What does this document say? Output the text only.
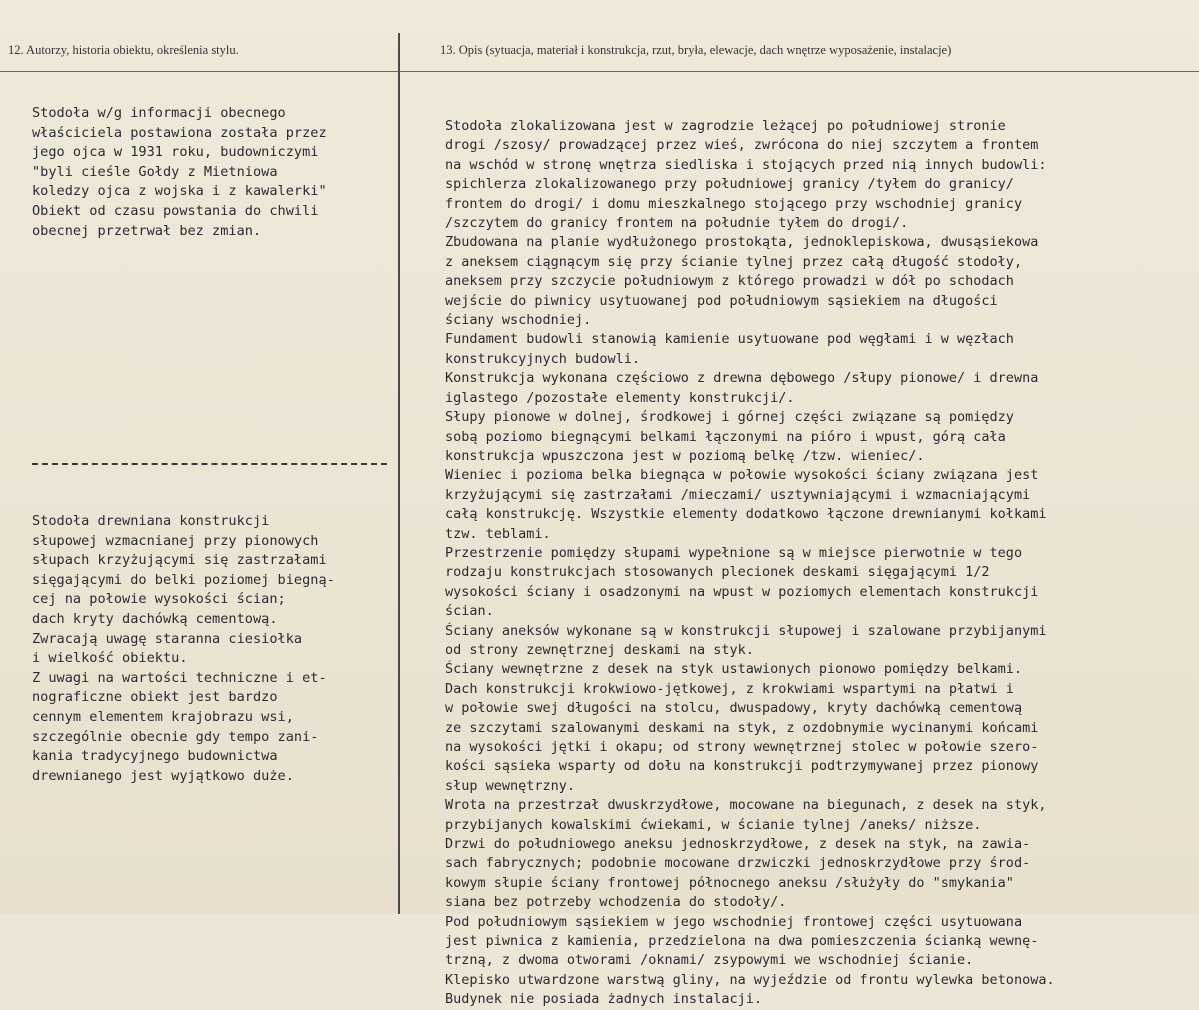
12. Autorzy, historia obiektu, określenia stylu.	13. Opis (sytuacja, materiał i konstrukcja, rzut, bryła, elewacje, dach wnętrze wyposażenie, instalacje)
Stodoła w/g informacji obecnego
właściciela postawiona została przez
jego ojca w 1931 roku, budowniczymi
"byli cieśle Gołdy z Mietniowa
koledzy ojca z wojska i z kawalerki"
Obiekt od czasu powstania do chwili
obecnej przetrwał bez zmian.
Stodoła drewniana konstrukcji
słupowej wzmacnianej przy pionowych
słupach krzyżującymi się zastrzałami
sięgającymi do belki poziomej biegną-
cej na połowie wysokości ścian;
dach kryty dachówką cementową.
Zwracają uwagę staranna ciesiołka
i wielkość obiektu.
Z uwagi na wartości techniczne i et-
nograficzne obiekt jest bardzo
cennym elementem krajobrazu wsi,
szczególnie obecnie gdy tempo zani-
kania tradycyjnego budownictwa
drewnianego jest wyjątkowo duże.
Stodoła zlokalizowana jest w zagrodzie leżącej po południowej stronie
drogi /szosy/ prowadzącej przez wieś, zwrócona do niej szczytem a frontem
na wschód w stronę wnętrza siedliska i stojących przed nią innych budowli:
spichlerza zlokalizowanego przy południowej granicy /tyłem do granicy/
frontem do drogi/ i domu mieszkalnego stojącego przy wschodniej granicy
/szczytem do granicy frontem na południe tyłem do drogi/.
Zbudowana na planie wydłużonego prostokąta, jednoklepiskowa, dwusąsiekowa
z aneksem ciągnącym się przy ścianie tylnej przez całą długość stodoły,
aneksem przy szczycie południowym z którego prowadzi w dół po schodach
wejście do piwnicy usytuowanej pod południowym sąsiekiem na długości
ściany wschodniej.
Fundament budowli stanowią kamienie usytuowane pod węgłami i w węzłach
konstrukcyjnych budowli.
Konstrukcja wykonana częściowo z drewna dębowego /słupy pionowe/ i drewna
iglastego /pozostałe elementy konstrukcji/.
Słupy pionowe w dolnej, środkowej i górnej części związane są pomiędzy
sobą poziomo biegnącymi belkami łączonymi na pióro i wpust, górą cała
konstrukcja wpuszczona jest w poziomą belkę /tzw. wieniec/.
Wieniec i pozioma belka biegnąca w połowie wysokości ściany związana jest
krzyżującymi się zastrzałami /mieczami/ usztywniającymi i wzmacniającymi
całą konstrukcję. Wszystkie elementy dodatkowo łączone drewnianymi kołkami
tzw. teblami.
Przestrzenie pomiędzy słupami wypełnione są w miejsce pierwotnie w tego
rodzaju konstrukcjach stosowanych plecionek deskami sięgającymi 1/2
wysokości ściany i osadzonymi na wpust w poziomych elementach konstrukcji
ścian.
Ściany aneksów wykonane są w konstrukcji słupowej i szalowane przybijanymi
od strony zewnętrznej deskami na styk.
Ściany wewnętrzne z desek na styk ustawionych pionowo pomiędzy belkami.
Dach konstrukcji krokwiowo-jętkowej, z krokwiami wspartymi na płatwi i
w połowie swej długości na stolcu, dwuspadowy, kryty dachówką cementową
ze szczytami szalowanymi deskami na styk, z ozdobnymie wycinanymi końcami
na wysokości jętki i okapu; od strony wewnętrznej stolec w połowie szero-
kości sąsieka wsparty od dołu na konstrukcji podtrzymywanej przez pionowy
słup wewnętrzny.
Wrota na przestrzał dwuskrzydłowe, mocowane na biegunach, z desek na styk,
przybijanych kowalskimi ćwiekami, w ścianie tylnej /aneks/ niższe.
Drzwi do południowego aneksu jednoskrzydłowe, z desek na styk, na zawia-
sach fabrycznych; podobnie mocowane drzwiczki jednoskrzydłowe przy środ-
kowym słupie ściany frontowej północnego aneksu /służyły do "smykania"
siana bez potrzeby wchodzenia do stodoły/.
Pod południowym sąsiekiem w jego wschodniej frontowej części usytuowana
jest piwnica z kamienia, przedzielona na dwa pomieszczenia ścianką wewnę-
trzną, z dwoma otworami /oknami/ zsypowymi we wschodniej ścianie.
Klepisko utwardzone warstwą gliny, na wyjeździe od frontu wylewka betonowa.
Budynek nie posiada żadnych instalacji.
